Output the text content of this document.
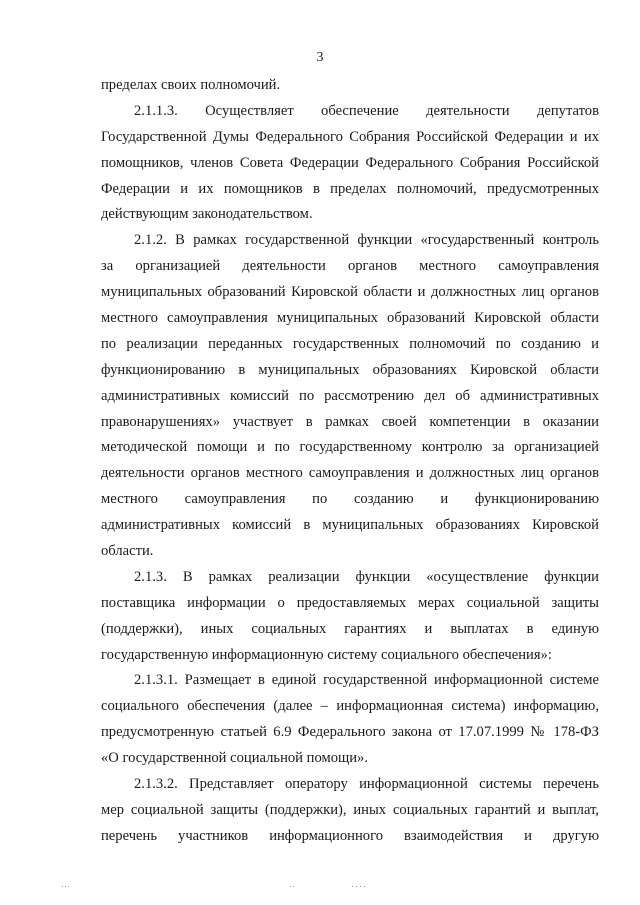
3
пределах своих полномочий.
2.1.1.3. Осуществляет обеспечение деятельности депутатов
Государственной Думы Федерального Собрания Российской Федерации и их
помощников, членов Совета Федерации Федерального Собрания Российской
Федерации и их помощников в пределах полномочий, предусмотренных
действующим законодательством.
2.1.2. В рамках государственной функции «государственный контроль
за организацией деятельности органов местного самоуправления
муниципальных образований Кировской области и должностных лиц органов
местного самоуправления муниципальных образований Кировской области
по реализации переданных государственных полномочий по созданию и
функционированию в муниципальных образованиях Кировской области
административных комиссий по рассмотрению дел об административных
правонарушениях» участвует в рамках своей компетенции в оказании
методической помощи и по государственному контролю за организацией
деятельности органов местного самоуправления и должностных лиц органов
местного самоуправления по созданию и функционированию
административных комиссий в муниципальных образованиях Кировской
области.
2.1.3. В рамках реализации функции «осуществление функции
поставщика информации о предоставляемых мерах социальной защиты
(поддержки), иных социальных гарантиях и выплатах в единую
государственную информационную систему социального обеспечения»:
2.1.3.1. Размещает в единой государственной информационной системе
социального обеспечения (далее – информационная система) информацию,
предусмотренную статьей 6.9 Федерального закона от 17.07.1999 № 178-ФЗ
«О государственной социальной помощи».
2.1.3.2. Представляет оператору информационной системы перечень
мер социальной защиты (поддержки), иных социальных гарантий и выплат,
перечень участников информационного взаимодействия и другую
